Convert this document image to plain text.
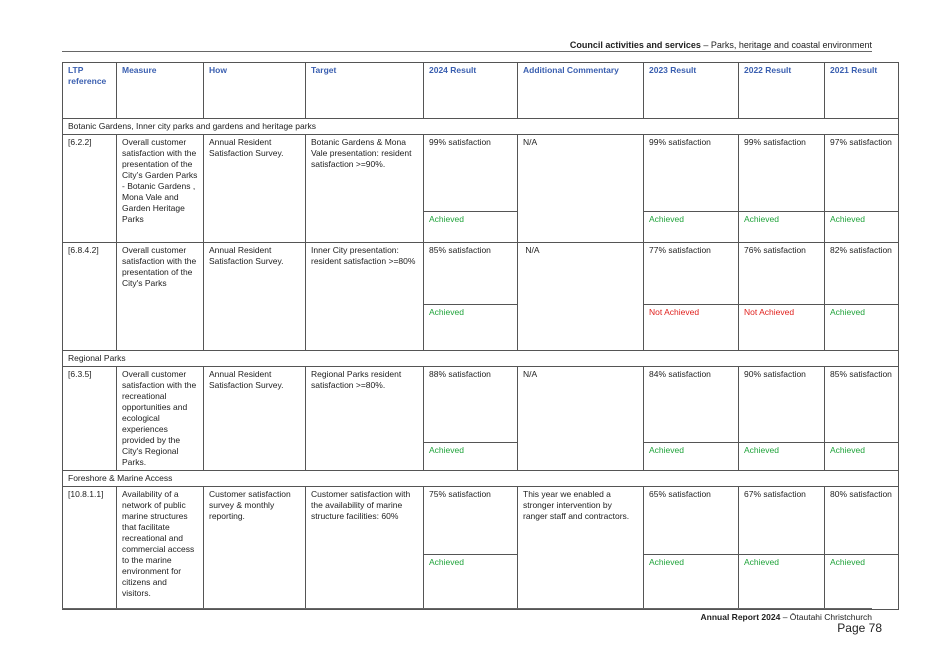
Council activities and services – Parks, heritage and coastal environment
LTP reference	Measure	How	Target	2024 Result	Additional Commentary	2023 Result	2022 Result	2021 Result
Botanic Gardens, Inner city parks and gardens and heritage parks								
[6.2.2]	Overall customer satisfaction with the presentation of the City’s Garden Parks - Botanic Gardens , Mona Vale and Garden Heritage Parks	Annual Resident Satisfaction Survey.	Botanic Gardens & Mona Vale presentation: resident satisfaction >=90%.	99% satisfaction	N/A	99% satisfaction	99% satisfaction	97% satisfaction
				Achieved		Achieved	Achieved	Achieved
[6.8.4.2]	Overall customer satisfaction with the presentation of the City's Parks	Annual Resident Satisfaction Survey.	Inner City presentation: resident satisfaction >=80%	85% satisfaction	N/A	77% satisfaction	76% satisfaction	82% satisfaction
				Achieved		Not Achieved	Not Achieved	Achieved
Regional Parks								
[6.3.5]	Overall customer satisfaction with the recreational opportunities and ecological experiences provided by the City's Regional Parks.	Annual Resident Satisfaction Survey.	Regional Parks resident satisfaction >=80%.	88% satisfaction	N/A	84% satisfaction	90% satisfaction	85% satisfaction
				Achieved		Achieved	Achieved	Achieved
Foreshore & Marine Access								
[10.8.1.1]	Availability of a network of public marine structures that facilitate recreational and commercial access to the marine environment for citizens and visitors.	Customer satisfaction survey & monthly reporting.	Customer satisfaction with the availability of marine structure facilities: 60%	75% satisfaction	This year we enabled a stronger intervention by ranger staff and contractors.	65% satisfaction	67% satisfaction	80% satisfaction
				Achieved		Achieved	Achieved	Achieved
Annual Report 2024 – Ōtautahi Christchurch
Page 78
